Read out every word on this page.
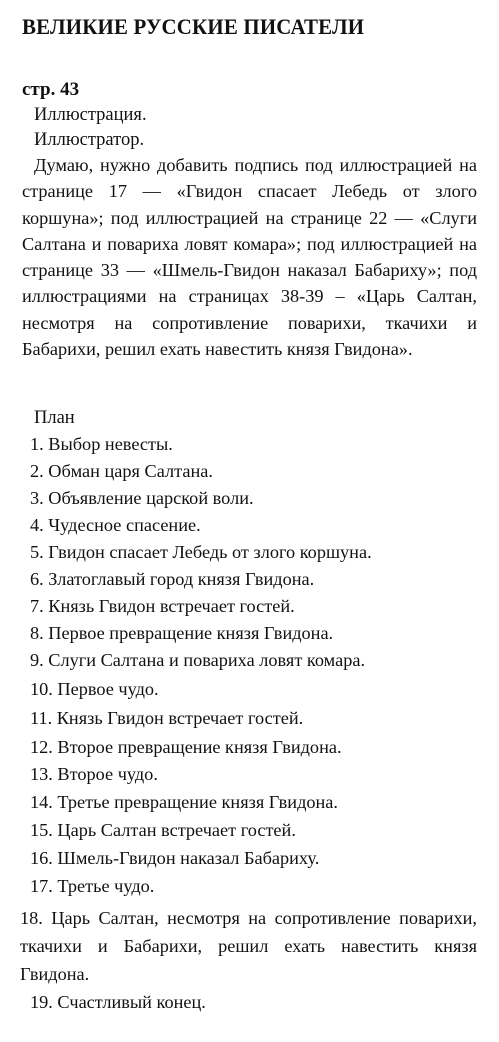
ВЕЛИКИЕ РУССКИЕ ПИСАТЕЛИ

стр. 43

Иллюстрация.

Иллюстратор.

Думаю, нужно добавить подпись под иллюстрацией на странице 17 — «Гвидон спасает Лебедь от злого коршуна»; под иллюстрацией на странице 22 — «Слуги Салтана и повариха ловят комара»; под иллюстрацией на странице 33 — «Шмель-Гвидон наказал Бабариху»; под иллюстрациями на страницах 38-39 – «Царь Салтан, несмотря на сопротивление поварихи, ткачихи и Бабарихи, решил ехать навестить князя Гвидона».

План

1. Выбор невесты.
2. Обман царя Салтана.
3. Объявление царской воли.
4. Чудесное спасение.
5. Гвидон спасает Лебедь от злого коршуна.
6. Златоглавый город князя Гвидона.
7. Князь Гвидон встречает гостей.
8. Первое превращение князя Гвидона.
9. Слуги Салтана и повариха ловят комара.
10. Первое чудо.
11. Князь Гвидон встречает гостей.
12. Второе превращение князя Гвидона.
13. Второе чудо.
14. Третье превращение князя Гвидона.
15. Царь Салтан встречает гостей.
16. Шмель-Гвидон наказал Бабариху.
17. Третье чудо.
18. Царь Салтан, несмотря на сопротивление поварихи, ткачихи и Бабарихи, решил ехать навестить князя Гвидона.
19. Счастливый конец.
